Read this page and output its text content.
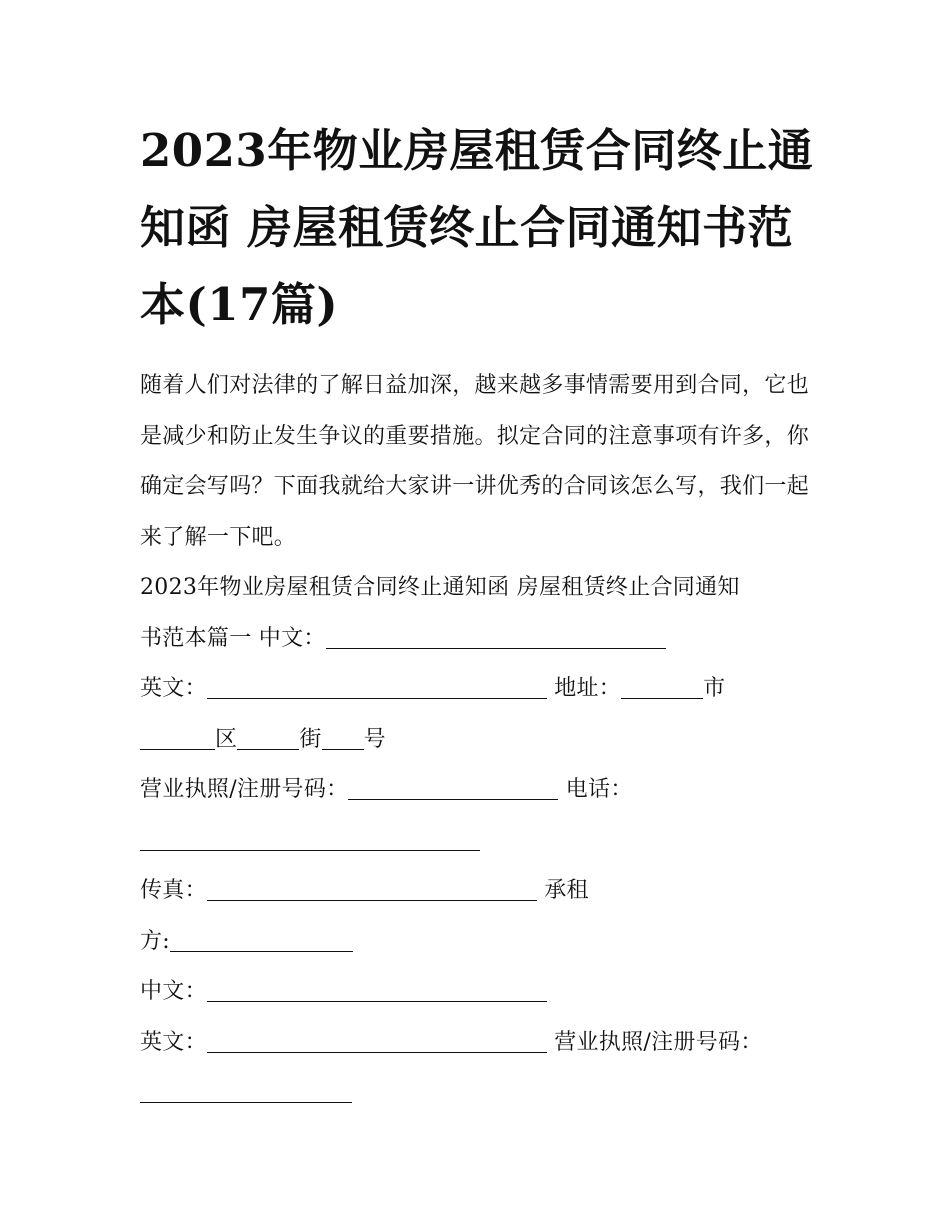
2023年物业房屋租赁合同终止通知函 房屋租赁终止合同通知书范本(17篇)
随着人们对法律的了解日益加深，越来越多事情需要用到合同，它也是减少和防止发生争议的重要措施。拟定合同的注意事项有许多，你确定会写吗？下面我就给大家讲一讲优秀的合同该怎么写，我们一起来了解一下吧。
2023年物业房屋租赁合同终止通知函 房屋租赁终止合同通知
书范本篇一 中文：
英文：	地址：	市
区	街 号
营业执照/注册号码：	电话：
传真：	承租
方:
中文：
英文：	营业执照/注册号码：
